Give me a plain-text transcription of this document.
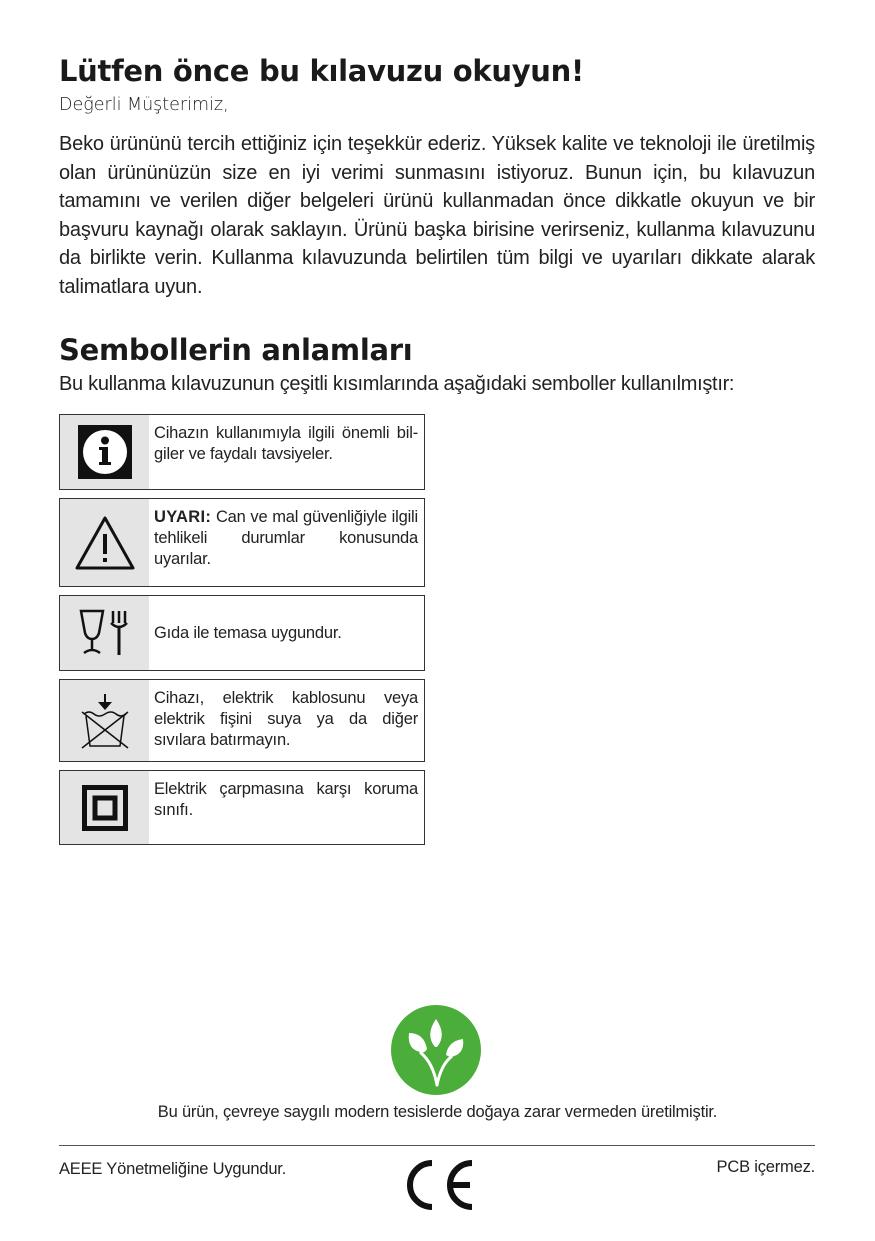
Lütfen önce bu kılavuzu okuyun!
Değerli Müşterimiz,

Beko ürününü tercih ettiğiniz için teşekkür ederiz. Yüksek kalite ve teknoloji ile üretilmiş olan ürününüzün size en iyi verimi sunmasını istiyoruz. Bunun için, bu kılavuzun tamamını ve verilen diğer belgeleri ürünü kullanmadan önce dikkatle okuyun ve bir başvuru kaynağı olarak saklayın. Ürünü başka birisine verirseniz, kullanma kılavuzunu da birlikte verin. Kullanma kılavuzunda belirtilen tüm bilgi ve uyarıları dikkate alarak talimatlara uyun.

Sembollerin anlamları

Bu kullanma kılavuzunun çeşitli kısımlarında aşağıdaki semboller kullanılmıştır:

Cihazın kullanımıyla ilgili önemli bil-giler ve faydalı tavsiyeler.
UYARI: Can ve mal güvenliğiyle ilgili tehlikeli durumlar konusunda uyarılar.
Gıda ile temasa uygundur.
Cihazı, elektrik kablosunu veya elektrik fişini suya ya da diğer sıvılara batırmayın.
Elektrik çarpmasına karşı koruma sınıfı.
Bu ürün, çevreye saygılı modern tesislerde doğaya zarar vermeden üretilmiştir.
AEEE Yönetmeliğine Uygundur.	PCB içermez.
